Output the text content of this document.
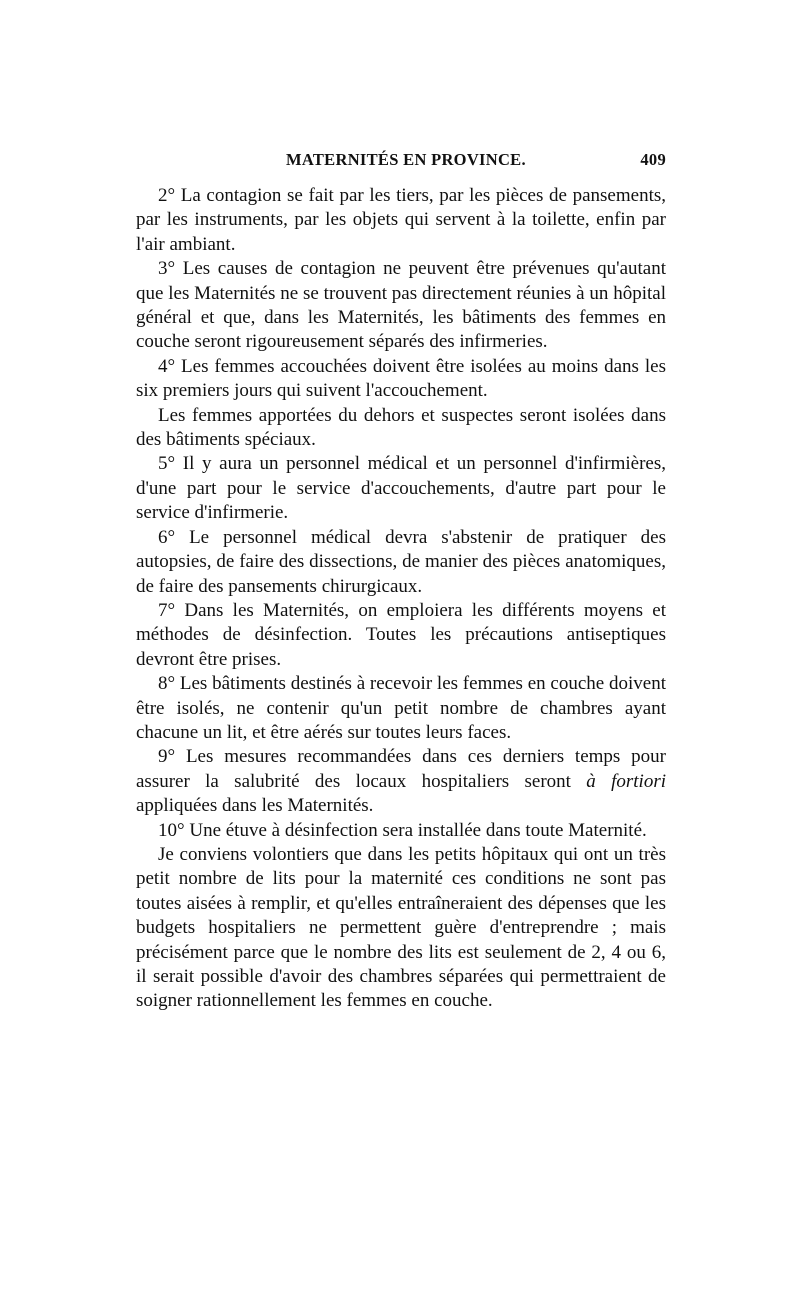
MATERNITÉS EN PROVINCE.	409

2° La contagion se fait par les tiers, par les pièces de pansements, par les instruments, par les objets qui servent à la toilette, enfin par l'air ambiant.

3° Les causes de contagion ne peuvent être prévenues qu'autant que les Maternités ne se trouvent pas directement réunies à un hôpital général et que, dans les Maternités, les bâtiments des femmes en couche seront rigoureusement séparés des infirmeries.

4° Les femmes accouchées doivent être isolées au moins dans les six premiers jours qui suivent l'accouchement.

Les femmes apportées du dehors et suspectes seront isolées dans des bâtiments spéciaux.

5° Il y aura un personnel médical et un personnel d'infirmières, d'une part pour le service d'accouchements, d'autre part pour le service d'infirmerie.

6° Le personnel médical devra s'abstenir de pratiquer des autopsies, de faire des dissections, de manier des pièces anatomiques, de faire des pansements chirurgicaux.

7° Dans les Maternités, on emploiera les différents moyens et méthodes de désinfection. Toutes les précautions antiseptiques devront être prises.

8° Les bâtiments destinés à recevoir les femmes en couche doivent être isolés, ne contenir qu'un petit nombre de chambres ayant chacune un lit, et être aérés sur toutes leurs faces.

9° Les mesures recommandées dans ces derniers temps pour assurer la salubrité des locaux hospitaliers seront à fortiori appliquées dans les Maternités.

10° Une étuve à désinfection sera installée dans toute Maternité.

Je conviens volontiers que dans les petits hôpitaux qui ont un très petit nombre de lits pour la maternité ces conditions ne sont pas toutes aisées à remplir, et qu'elles entraîneraient des dépenses que les budgets hospitaliers ne permettent guère d'entreprendre ; mais précisément parce que le nombre des lits est seulement de 2, 4 ou 6, il serait possible d'avoir des chambres séparées qui permettraient de soigner rationnellement les femmes en couche.
